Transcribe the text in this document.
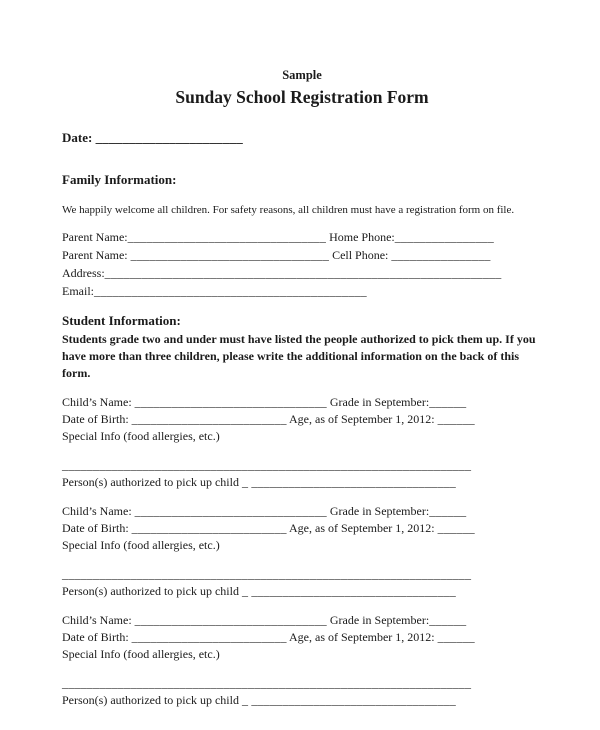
Sample
Sunday School Registration Form
Date: ______________________
Family Information:
We happily welcome all children. For safety reasons, all children must have a registration form on file.
Parent Name:________________________________ Home Phone:________________
Parent Name: ________________________________ Cell Phone: ________________
Address:________________________________________________________________
Email:____________________________________________
Student Information:
Students grade two and under must have listed the people authorized to pick them up. If you have more than three children, please write the additional information on the back of this form.
Child’s Name: _______________________________ Grade in September:______
Date of Birth: _________________________ Age, as of September 1, 2012: ______
Special Info (food allergies, etc.)
__________________________________________________________________
Person(s) authorized to pick up child _ _________________________________
Child’s Name: _______________________________ Grade in September:______
Date of Birth: _________________________ Age, as of September 1, 2012: ______
Special Info (food allergies, etc.)
__________________________________________________________________
Person(s) authorized to pick up child _ _________________________________
Child’s Name: _______________________________ Grade in September:______
Date of Birth: _________________________ Age, as of September 1, 2012: ______
Special Info (food allergies, etc.)
__________________________________________________________________
Person(s) authorized to pick up child _ _________________________________
